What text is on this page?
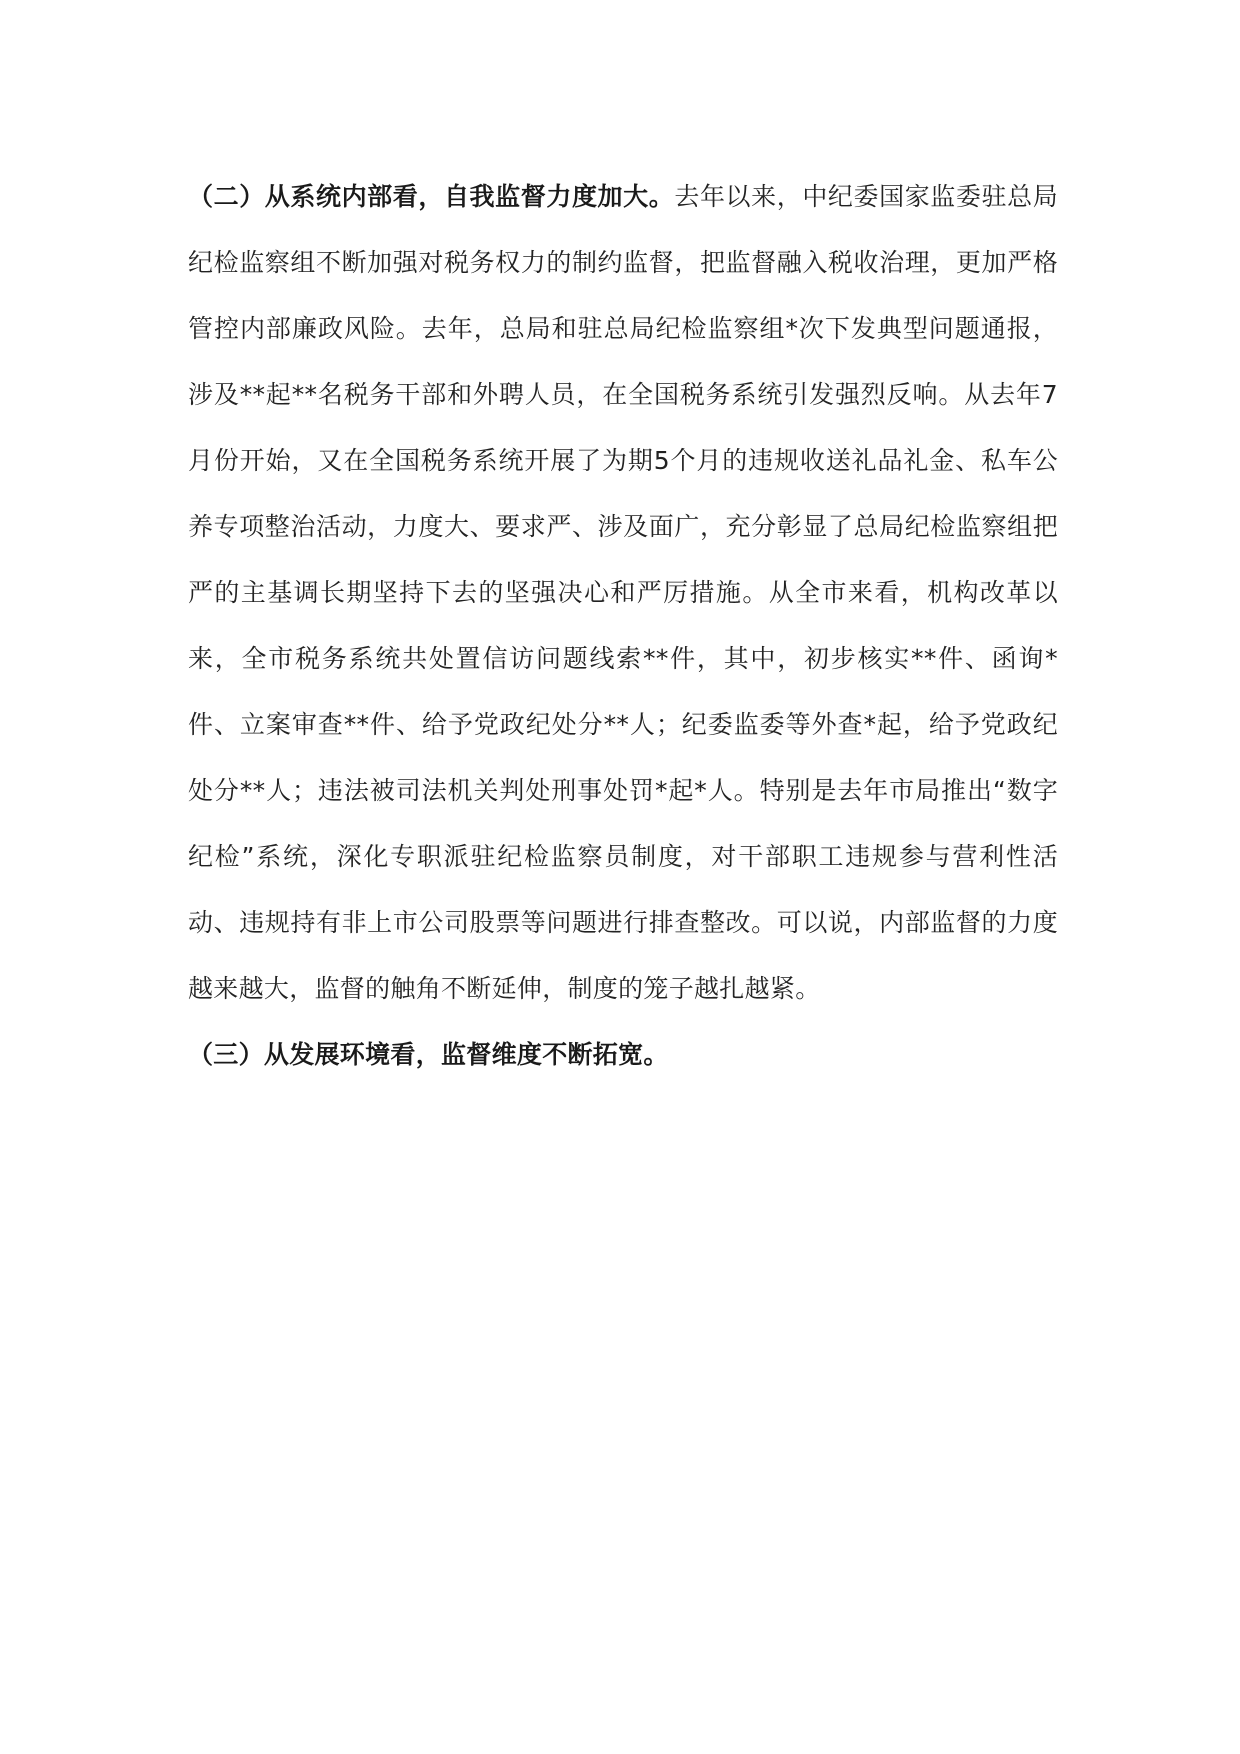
（二）从系统内部看，自我监督力度加大。去年以来，中纪委国家监委驻总局纪检监察组不断加强对税务权力的制约监督，把监督融入税收治理，更加严格管控内部廉政风险。去年，总局和驻总局纪检监察组*次下发典型问题通报，涉及**起**名税务干部和外聘人员，在全国税务系统引发强烈反响。从去年7月份开始，又在全国税务系统开展了为期5个月的违规收送礼品礼金、私车公养专项整治活动，力度大、要求严、涉及面广，充分彰显了总局纪检监察组把严的主基调长期坚持下去的坚强决心和严厉措施。从全市来看，机构改革以来，全市税务系统共处置信访问题线索**件，其中，初步核实**件、函询*件、立案审查**件、给予党政纪处分**人；纪委监委等外查*起，给予党政纪处分**人；违法被司法机关判处刑事处罚*起*人。特别是去年市局推出“数字纪检”系统，深化专职派驻纪检监察员制度，对干部职工违规参与营利性活动、违规持有非上市公司股票等问题进行排查整改。可以说，内部监督的力度越来越大，监督的触角不断延伸，制度的笼子越扎越紧。

（三）从发展环境看，监督维度不断拓宽。
